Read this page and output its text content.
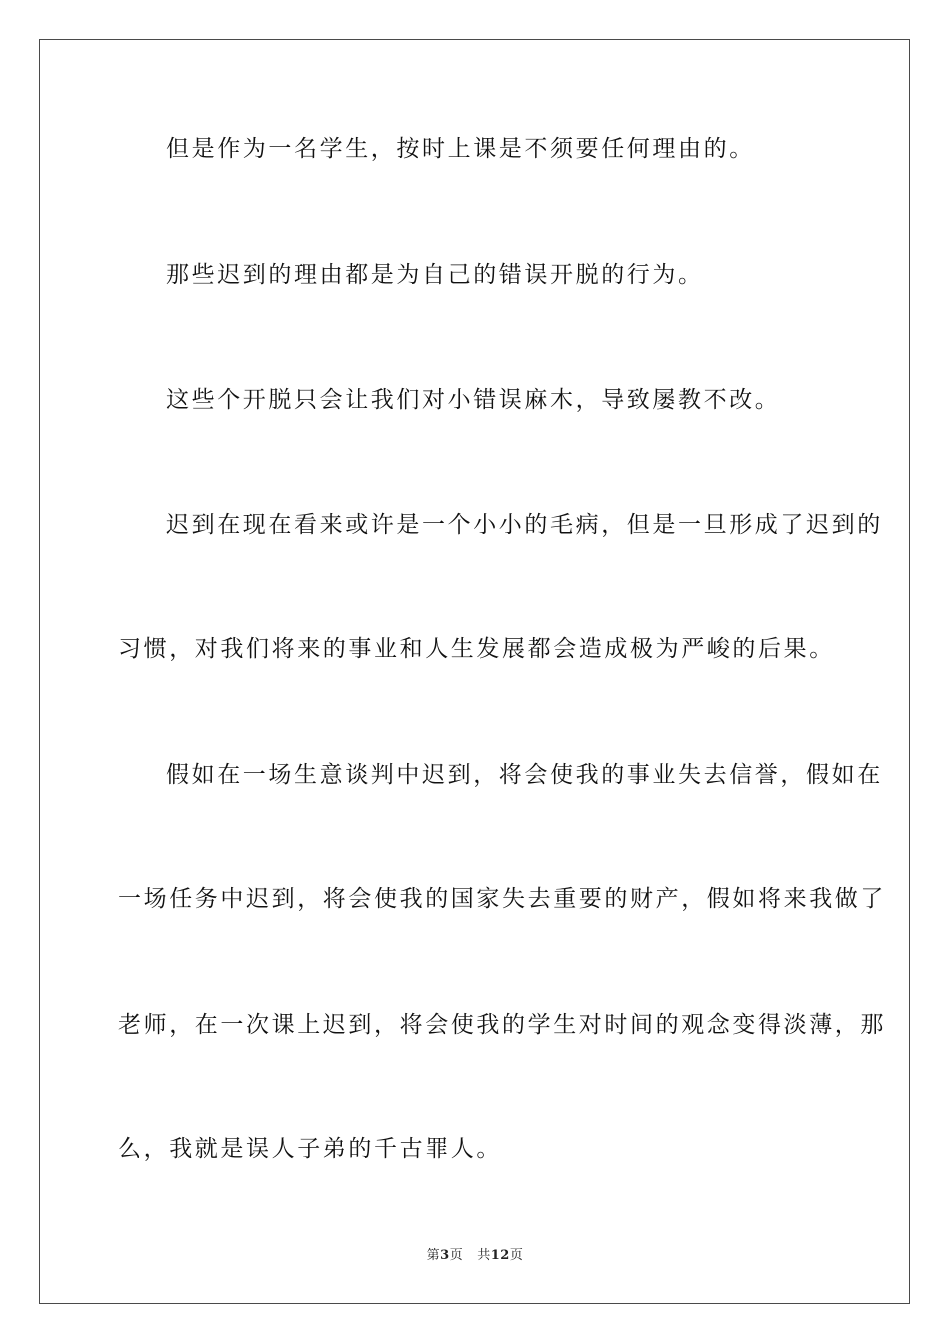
但是作为一名学生，按时上课是不须要任何理由的。
那些迟到的理由都是为自己的错误开脱的行为。
这些个开脱只会让我们对小错误麻木，导致屡教不改。
迟到在现在看来或许是一个小小的毛病，但是一旦形成了迟到的
习惯，对我们将来的事业和人生发展都会造成极为严峻的后果。
假如在一场生意谈判中迟到，将会使我的事业失去信誉，假如在
一场任务中迟到，将会使我的国家失去重要的财产，假如将来我做了
老师，在一次课上迟到，将会使我的学生对时间的观念变得淡薄，那
么，我就是误人子弟的千古罪人。
第3页 共12页
